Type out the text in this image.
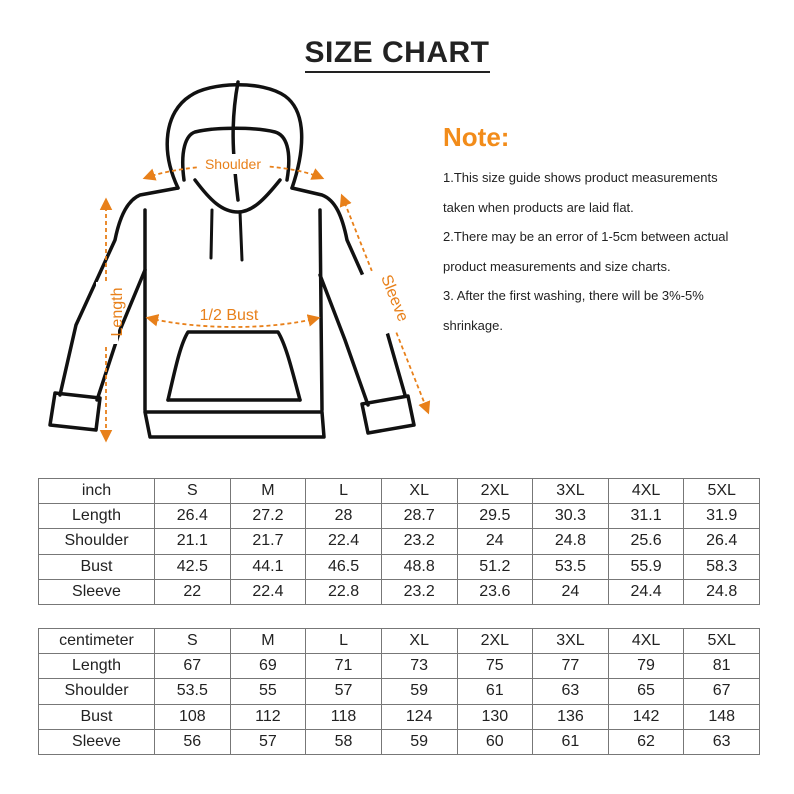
SIZE CHART
Shoulder
1/2 Bust
Length	Sleeve
Note:
1.This size guide shows product measurements
taken when products are laid flat.
2.There may be an error of 1-5cm between actual
product measurements and size charts.
3. After the first washing, there will be 3%-5%
shrinkage.
inch	S	M	L	XL	2XL	3XL	4XL	5XL
Length	26.4	27.2	28	28.7	29.5	30.3	31.1	31.9
Shoulder	21.1	21.7	22.4	23.2	24	24.8	25.6	26.4
Bust	42.5	44.1	46.5	48.8	51.2	53.5	55.9	58.3
Sleeve	22	22.4	22.8	23.2	23.6	24	24.4	24.8

centimeter	S	M	L	XL	2XL	3XL	4XL	5XL
Length	67	69	71	73	75	77	79	81
Shoulder	53.5	55	57	59	61	63	65	67
Bust	108	112	118	124	130	136	142	148
Sleeve	56	57	58	59	60	61	62	63
